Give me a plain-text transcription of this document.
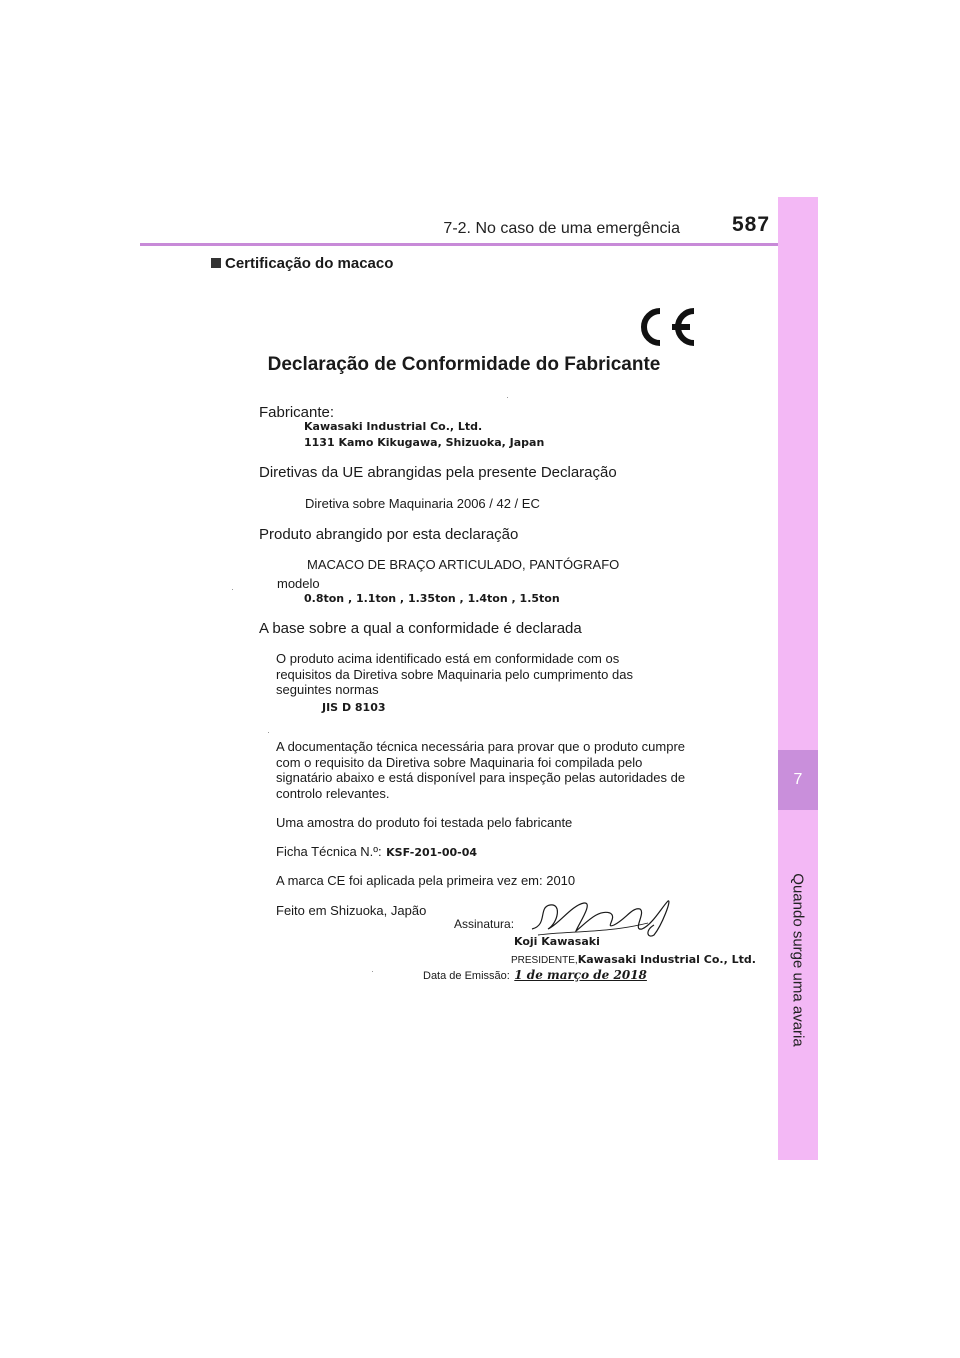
7-2. No caso de uma emergência 587
7
Quando surge uma avaria
Certificação do macaco
Declaração de Conformidade do Fabricante
Fabricante:
Kawasaki Industrial Co., Ltd.
1131 Kamo Kikugawa, Shizuoka, Japan
Diretivas da UE abrangidas pela presente Declaração
Diretiva sobre Maquinaria 2006 / 42 / EC
Produto abrangido por esta declaração
MACACO DE BRAÇO ARTICULADO, PANTÓGRAFO
modelo
0.8ton , 1.1ton , 1.35ton , 1.4ton , 1.5ton
A base sobre a qual a conformidade é declarada
O produto acima identificado está em conformidade com os
requisitos da Diretiva sobre Maquinaria pelo cumprimento das
seguintes normas
JIS D 8103
A documentação técnica necessária para provar que o produto cumpre
com o requisito da Diretiva sobre Maquinaria foi compilada pelo
signatário abaixo e está disponível para inspeção pelas autoridades de
controlo relevantes.
Uma amostra do produto foi testada pelo fabricante
Ficha Técnica N.º: KSF-201-00-04
A marca CE foi aplicada pela primeira vez em: 2010
Feito em Shizuoka, Japão
Assinatura:
Koji Kawasaki
PRESIDENTE,Kawasaki Industrial Co., Ltd.
Data de Emissão: 1 de março de 2018
